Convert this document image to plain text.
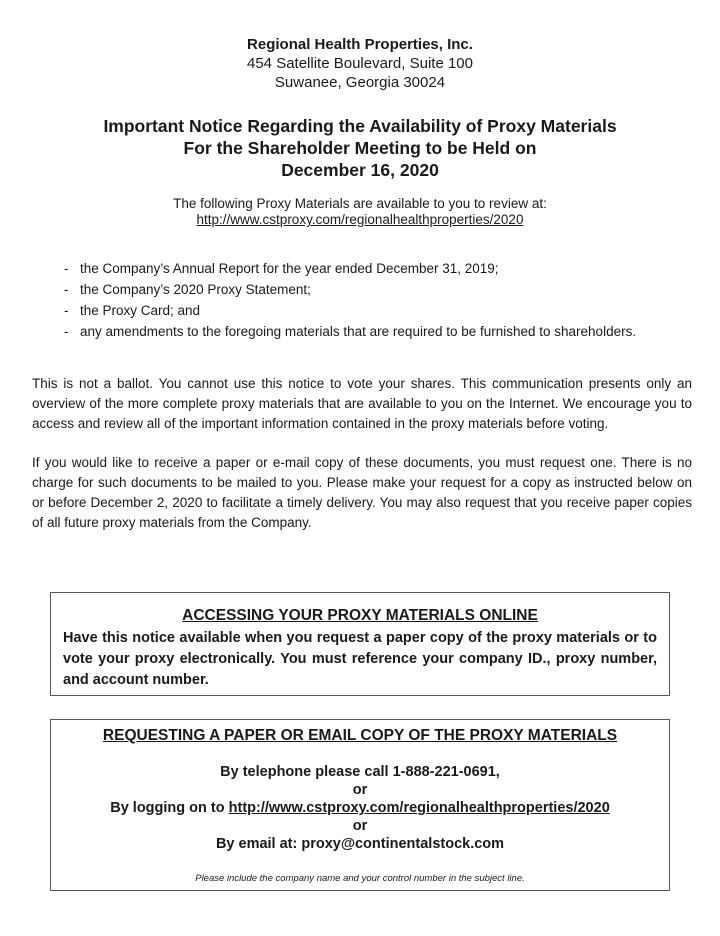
Regional Health Properties, Inc.
454 Satellite Boulevard, Suite 100
Suwanee, Georgia 30024
Important Notice Regarding the Availability of Proxy Materials
For the Shareholder Meeting to be Held on
December 16, 2020
The following Proxy Materials are available to you to review at:
http://www.cstproxy.com/regionalhealthproperties/2020
- the Company’s Annual Report for the year ended December 31, 2019;
- the Company’s 2020 Proxy Statement;
- the Proxy Card; and
- any amendments to the foregoing materials that are required to be furnished to shareholders.

This is not a ballot. You cannot use this notice to vote your shares. This communication presents only an overview of the more complete proxy materials that are available to you on the Internet. We encourage you to access and review all of the important information contained in the proxy materials before voting.

If you would like to receive a paper or e-mail copy of these documents, you must request one. There is no charge for such documents to be mailed to you. Please make your request for a copy as instructed below on or before December 2, 2020 to facilitate a timely delivery. You may also request that you receive paper copies of all future proxy materials from the Company.

ACCESSING YOUR PROXY MATERIALS ONLINE
Have this notice available when you request a paper copy of the proxy materials or to vote your proxy electronically. You must reference your company ID., proxy number, and account number.
REQUESTING A PAPER OR EMAIL COPY OF THE PROXY MATERIALS
By telephone please call 1-888-221-0691,
or
By logging on to http://www.cstproxy.com/regionalhealthproperties/2020
or
By email at: proxy@continentalstock.com
Please include the company name and your control number in the subject line.
